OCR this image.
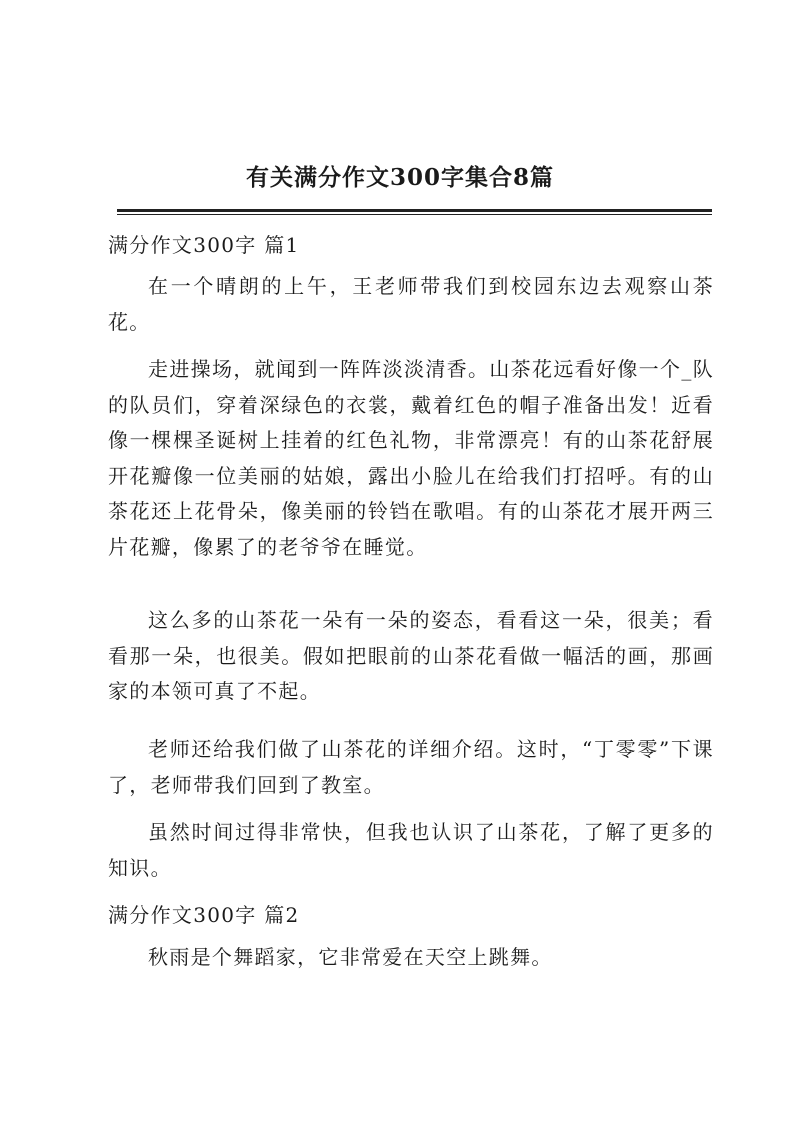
有关满分作文300字集合8篇
满分作文300字 篇1
在一个晴朗的上午，王老师带我们到校园东边去观察山茶花。
走进操场，就闻到一阵阵淡淡清香。山茶花远看好像一个_队的队员们，穿着深绿色的衣裳，戴着红色的帽子准备出发！近看像一棵棵圣诞树上挂着的红色礼物，非常漂亮！有的山茶花舒展开花瓣像一位美丽的姑娘，露出小脸儿在给我们打招呼。有的山茶花还上花骨朵，像美丽的铃铛在歌唱。有的山茶花才展开两三片花瓣，像累了的老爷爷在睡觉。
这么多的山茶花一朵有一朵的姿态，看看这一朵，很美；看看那一朵，也很美。假如把眼前的山茶花看做一幅活的画，那画家的本领可真了不起。
老师还给我们做了山茶花的详细介绍。这时，“丁零零”下课了，老师带我们回到了教室。
虽然时间过得非常快，但我也认识了山茶花，了解了更多的知识。
满分作文300字 篇2
秋雨是个舞蹈家，它非常爱在天空上跳舞。
